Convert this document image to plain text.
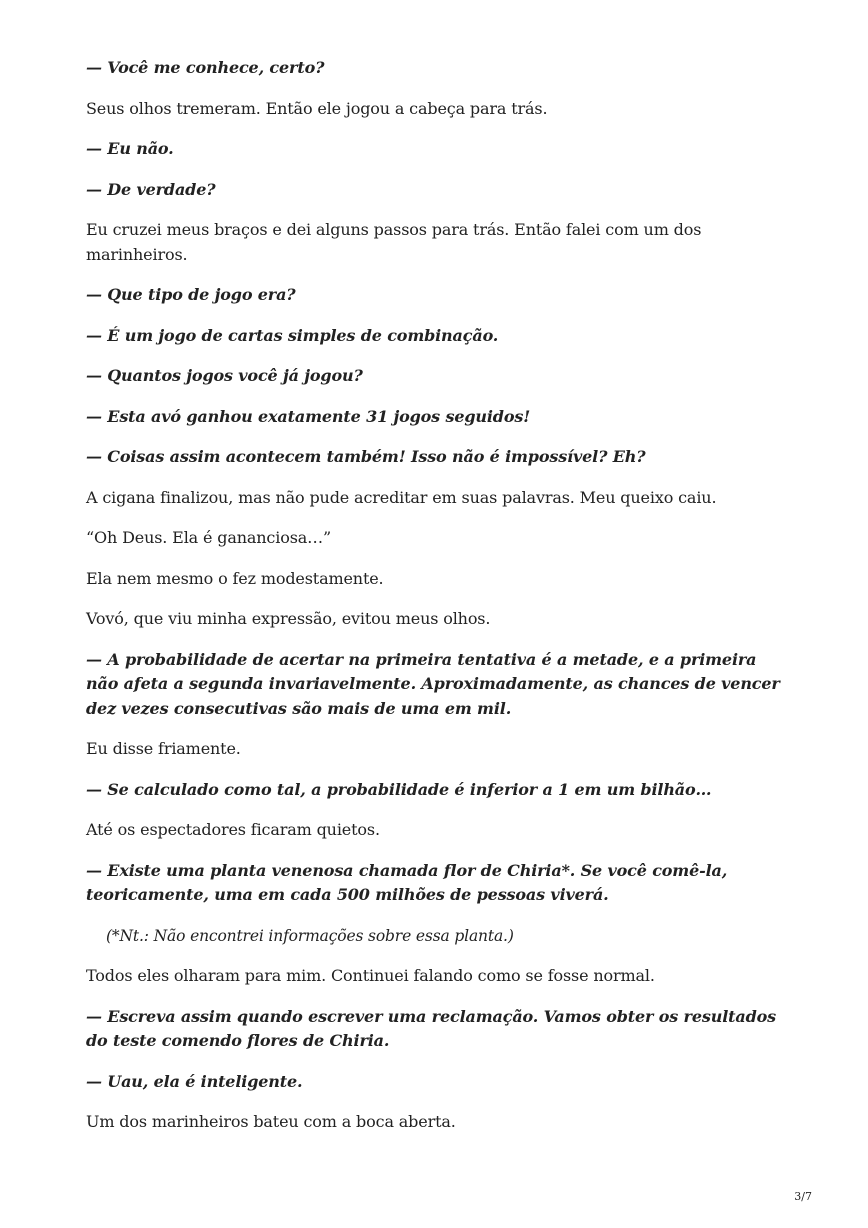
— Você me conhece, certo?

Seus olhos tremeram. Então ele jogou a cabeça para trás.

— Eu não.

— De verdade?

Eu cruzei meus braços e dei alguns passos para trás. Então falei com um dos marinheiros.

— Que tipo de jogo era?

— É um jogo de cartas simples de combinação.

— Quantos jogos você já jogou?

— Esta avó ganhou exatamente 31 jogos seguidos!

— Coisas assim acontecem também! Isso não é impossível? Eh?

A cigana finalizou, mas não pude acreditar em suas palavras. Meu queixo caiu.

“Oh Deus. Ela é gananciosa…”

Ela nem mesmo o fez modestamente.

Vovó, que viu minha expressão, evitou meus olhos.

— A probabilidade de acertar na primeira tentativa é a metade, e a primeira não afeta a segunda invariavelmente. Aproximadamente, as chances de vencer dez vezes consecutivas são mais de uma em mil.

Eu disse friamente.

— Se calculado como tal, a probabilidade é inferior a 1 em um bilhão…

Até os espectadores ficaram quietos.

— Existe uma planta venenosa chamada flor de Chiria*. Se você comê-la, teoricamente, uma em cada 500 milhões de pessoas viverá.

(*Nt.: Não encontrei informações sobre essa planta.)

Todos eles olharam para mim. Continuei falando como se fosse normal.

— Escreva assim quando escrever uma reclamação. Vamos obter os resultados do teste comendo flores de Chiria.

— Uau, ela é inteligente.

Um dos marinheiros bateu com a boca aberta.

3/7
